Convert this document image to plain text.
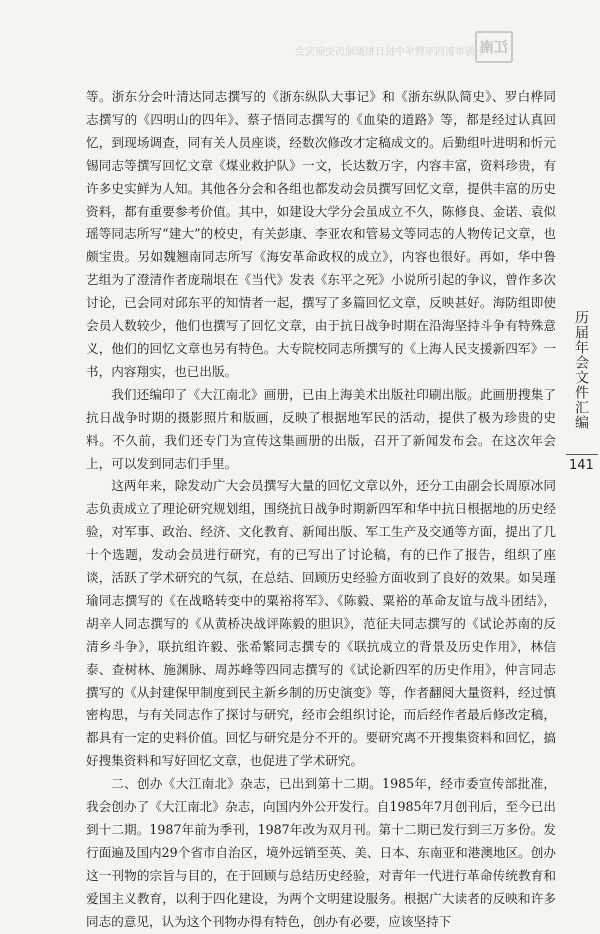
上海市新四军暨华中抗日根据地历史研究会
江南

等。浙东分会叶清达同志撰写的《浙东纵队大事记》和《浙东纵队简史》、罗白桦同志撰写的《四明山的四年》、蔡子悟同志撰写的《血染的道路》等，都是经过认真回忆，到现场调查，同有关人员座谈，经数次修改才定稿成文的。后勤组叶进明和忻元锡同志等撰写回忆文章《煤业救护队》一文，长达数万字，内容丰富，资料珍贵，有许多史实鲜为人知。其他各分会和各组也都发动会员撰写回忆文章，提供丰富的历史资料，都有重要参考价值。其中，如建设大学分会虽成立不久，陈修良、金诺、袁似瑶等同志所写“建大”的校史，有关彭康、李亚农和管易文等同志的人物传记文章，也颇宝贵。另如魏翘南同志所写《海安革命政权的成立》，内容也很好。再如，华中鲁艺组为了澄清作者庞瑞垠在《当代》发表《东平之死》小说所引起的争议，曾作多次讨论，已会同对邱东平的知情者一起，撰写了多篇回忆文章，反映甚好。海防组即使会员人数较少，他们也撰写了回忆文章，由于抗日战争时期在沿海坚持斗争有特殊意义，他们的回忆文章也另有特色。大专院校同志所撰写的《上海人民支援新四军》一书，内容翔实，也已出版。

我们还编印了《大江南北》画册，已由上海美术出版社印刷出版。此画册搜集了抗日战争时期的摄影照片和版画，反映了根据地军民的活动，提供了极为珍贵的史料。不久前，我们还专门为宣传这集画册的出版，召开了新闻发布会。在这次年会上，可以发到同志们手里。

这两年来，除发动广大会员撰写大量的回忆文章以外，还分工由副会长周原冰同志负责成立了理论研究规划组，围绕抗日战争时期新四军和华中抗日根据地的历史经验，对军事、政治、经济、文化教育、新闻出版、军工生产及交通等方面，提出了几十个选题，发动会员进行研究，有的已写出了讨论稿，有的已作了报告，组织了座谈，活跃了学术研究的气氛，在总结、回顾历史经验方面收到了良好的效果。如吴瑾瑜同志撰写的《在战略转变中的粟裕将军》、《陈毅、粟裕的革命友谊与战斗团结》，胡辛人同志撰写的《从黄桥决战评陈毅的胆识》，范征夫同志撰写的《试论苏南的反清乡斗争》，联抗组许毅、张希繁同志撰专的《联抗成立的背景及历史作用》，林信泰、查树林、施渊脉、周苏峰等四同志撰写的《试论新四军的历史作用》，仲言同志撰写的《从封建保甲制度到民主新乡制的历史演变》等，作者翻阅大量资料，经过慎密构思，与有关同志作了探讨与研究，经市会组织讨论，而后经作者最后修改定稿，都具有一定的史料价值。回忆与研究是分不开的。要研究离不开搜集资料和回忆，搞好搜集资料和写好回忆文章，也促进了学术研究。

二、创办《大江南北》杂志，已出到第十二期。1985年，经市委宣传部批准，我会创办了《大江南北》杂志，向国内外公开发行。自1985年7月创刊后，至今已出到十二期。1987年前为季刊，1987年改为双月刊。第十二期已发行到三万多份。发行面遍及国内29个省市自治区，境外远销至英、美、日本、东南亚和港澳地区。创办这一刊物的宗旨与目的，在于回顾与总结历史经验，对青年一代进行革命传统教育和爱国主义教育，以利于四化建设，为两个文明建设服务。根据广大读者的反映和许多同志的意见，认为这个刊物办得有特色，创办有必要，应该坚持下

历届年会文件汇编
141
